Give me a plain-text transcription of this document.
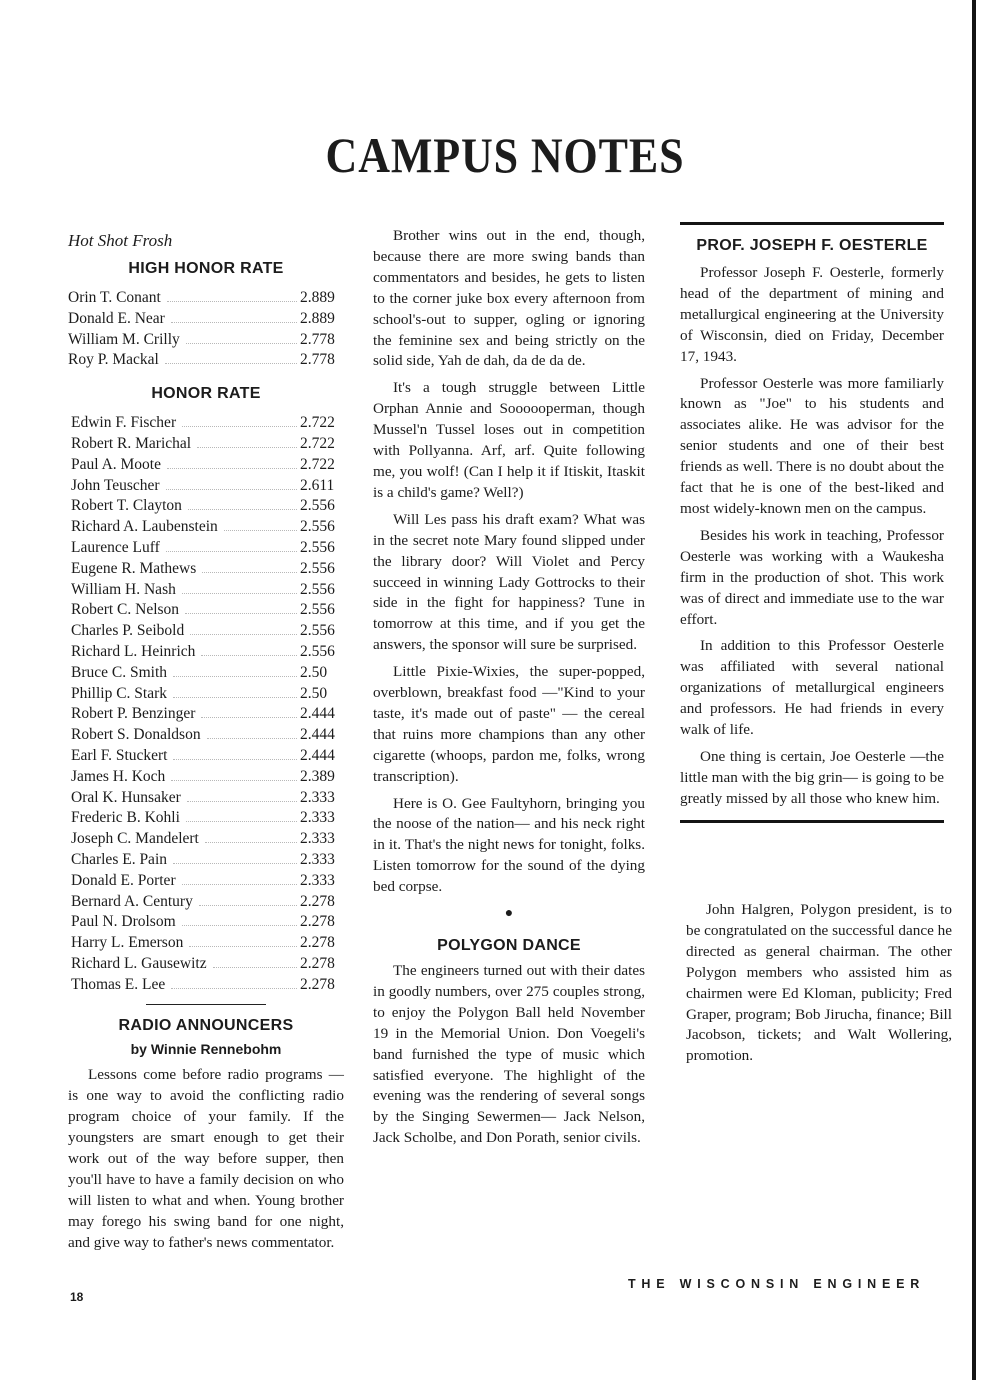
CAMPUS NOTES

Hot Shot Frosh

HIGH HONOR RATE
Orin T. Conant	2.889
Donald E. Near	2.889
William M. Crilly	2.778
Roy P. Mackal	2.778
HONOR RATE
Edwin F. Fischer	2.722
Robert R. Marichal	2.722
Paul A. Moote	2.722
John Teuscher	2.611
Robert T. Clayton	2.556
Richard A. Laubenstein	2.556
Laurence Luff	2.556
Eugene R. Mathews	2.556
William H. Nash	2.556
Robert C. Nelson	2.556
Charles P. Seibold	2.556
Richard L. Heinrich	2.556
Bruce C. Smith	2.50
Phillip C. Stark	2.50
Robert P. Benzinger	2.444
Robert S. Donaldson	2.444
Earl F. Stuckert	2.444
James H. Koch	2.389
Oral K. Hunsaker	2.333
Frederic B. Kohli	2.333
Joseph C. Mandelert	2.333
Charles E. Pain	2.333
Donald E. Porter	2.333
Bernard A. Century	2.278
Paul N. Drolsom	2.278
Harry L. Emerson	2.278
Richard L. Gausewitz	2.278
Thomas E. Lee	2.278
RADIO ANNOUNCERS
by Winnie Rennebohm

Lessons come before radio programs — is one way to avoid the conflicting radio program choice of your family. If the youngsters are smart enough to get their work out of the way before supper, then you'll have to have a family decision on who will listen to what and when. Young brother may forego his swing band for one night, and give way to father's news commentator.

Brother wins out in the end, though, because there are more swing bands than commentators and besides, he gets to listen to the corner juke box every afternoon from school's-out to supper, ogling or ignoring the feminine sex and being strictly on the solid side, Yah de dah, da de da de.

It's a tough struggle between Little Orphan Annie and Soooooperman, though Mussel'n Tussel loses out in competition with Pollyanna. Arf, arf. Quite following me, you wolf! (Can I help it if Itiskit, Itaskit is a child's game? Well?)

Will Les pass his draft exam? What was in the secret note Mary found slipped under the library door? Will Violet and Percy succeed in winning Lady Gottrocks to their side in the fight for happiness? Tune in tomorrow at this time, and if you get the answers, the sponsor will sure be surprised.

Little Pixie-Wixies, the super-popped, overblown, breakfast food —"Kind to your taste, it's made out of paste" — the cereal that ruins more champions than any other cigarette (whoops, pardon me, folks, wrong transcription).

Here is O. Gee Faultyhorn, bringing you the noose of the nation— and his neck right in it. That's the night news for tonight, folks. Listen tomorrow for the sound of the dying bed corpse.

●
POLYGON DANCE

The engineers turned out with their dates in goodly numbers, over 275 couples strong, to enjoy the Polygon Ball held November 19 in the Memorial Union. Don Voegeli's band furnished the type of music which satisfied everyone. The highlight of the evening was the rendering of several songs by the Singing Sewermen— Jack Nelson, Jack Scholbe, and Don Porath, senior civils.

PROF. JOSEPH F. OESTERLE

Professor Joseph F. Oesterle, formerly head of the department of mining and metallurgical engineering at the University of Wisconsin, died on Friday, December 17, 1943.

Professor Oesterle was more familiarly known as "Joe" to his students and associates alike. He was advisor for the senior students and one of their best friends as well. There is no doubt about the fact that he is one of the best-liked and most widely-known men on the campus.

Besides his work in teaching, Professor Oesterle was working with a Waukesha firm in the production of shot. This work was of direct and immediate use to the war effort.

In addition to this Professor Oesterle was affiliated with several national organizations of metallurgical engineers and professors. He had friends in every walk of life.

One thing is certain, Joe Oesterle —the little man with the big grin— is going to be greatly missed by all those who knew him.

John Halgren, Polygon president, is to be congratulated on the successful dance he directed as general chairman. The other Polygon members who assisted him as chairmen were Ed Kloman, publicity; Fred Graper, program; Bob Jirucha, finance; Bill Jacobson, tickets; and Walt Wollering, promotion.

18
THE WISCONSIN ENGINEER
